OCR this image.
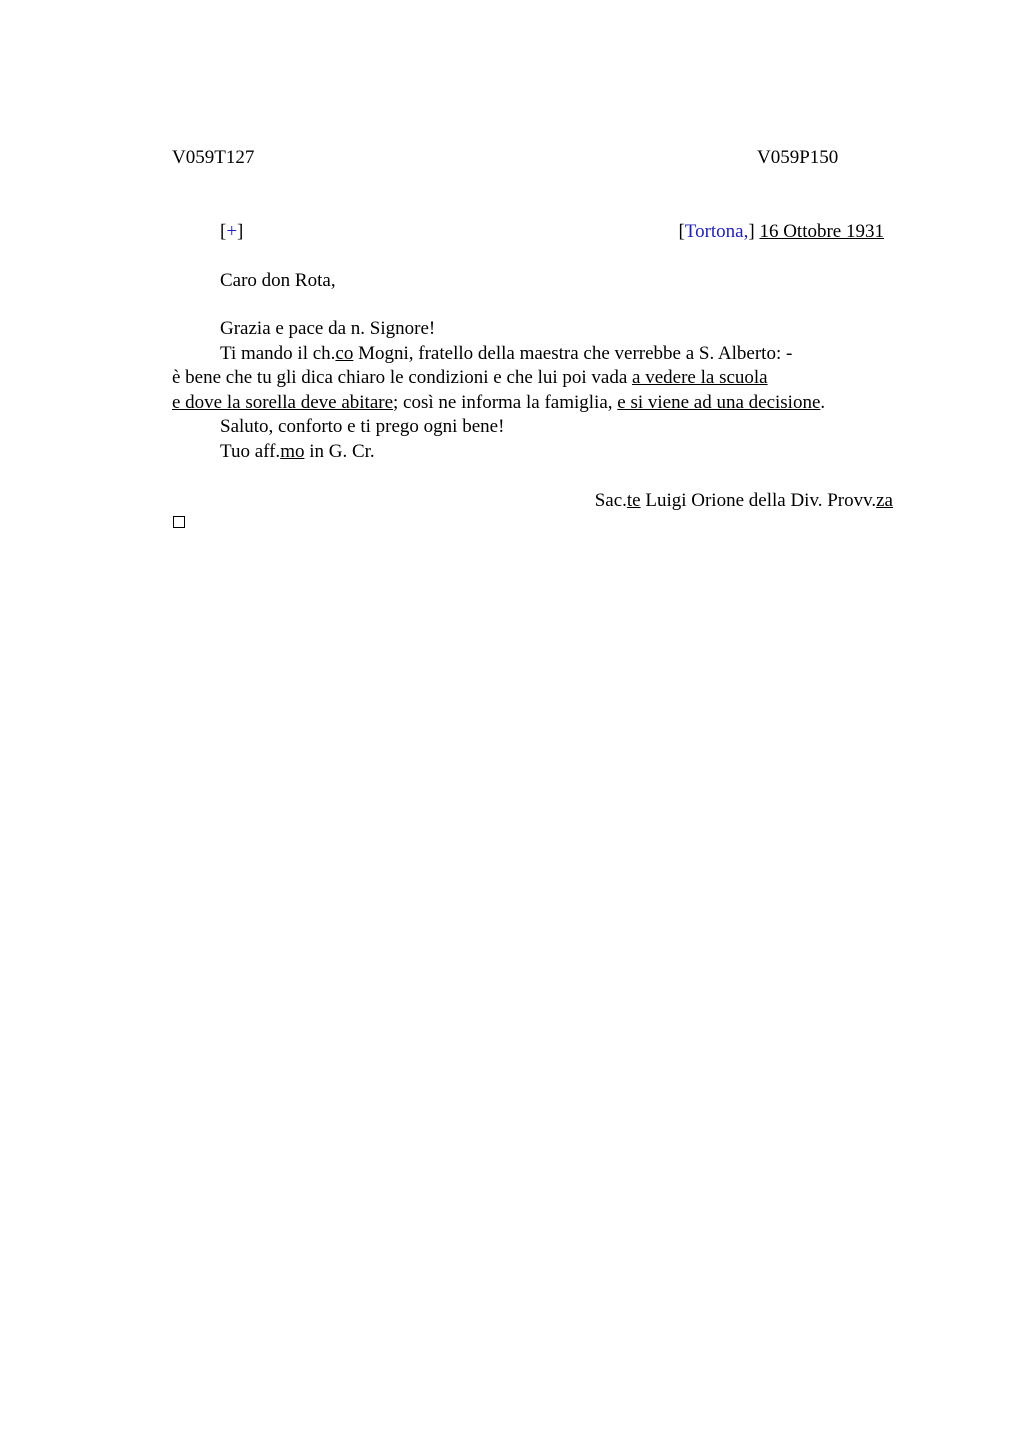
V059T127	V059P150
[+]	[Tortona,] 16 Ottobre 1931
Caro don Rota,
Grazia e pace da n. Signore!
Ti mando il ch.co Mogni, fratello della maestra che verrebbe a S. Alberto: -
è bene che tu gli dica chiaro le condizioni e che lui poi vada a vedere la scuola
e dove la sorella deve abitare; così ne informa la famiglia, e si viene ad una decisione.
Saluto, conforto e ti prego ogni bene!
Tuo aff.mo in G. Cr.
Sac.te Luigi Orione della Div. Provv.za
